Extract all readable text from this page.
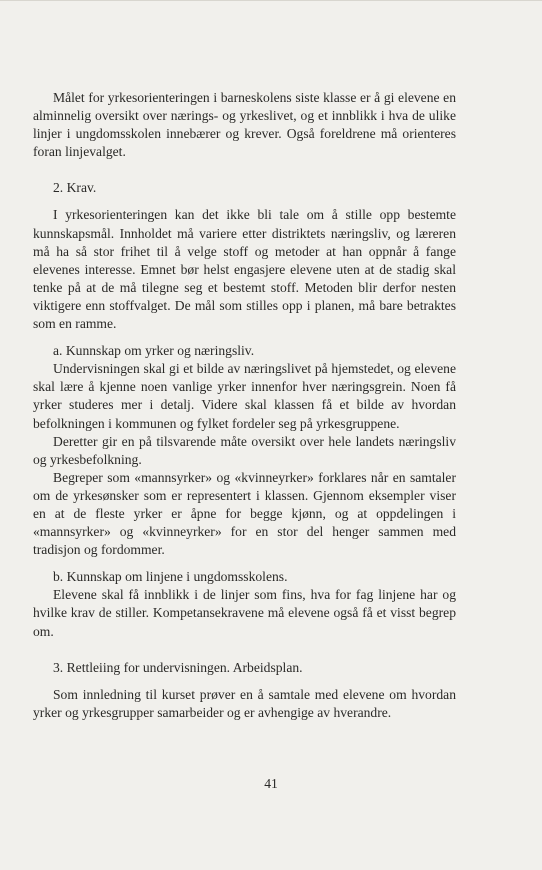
Målet for yrkesorienteringen i barneskolens siste klasse er å gi elevene en alminnelig oversikt over nærings- og yrkeslivet, og et innblikk i hva de ulike linjer i ungdomsskolen innebærer og krever. Også foreldrene må orienteres foran linjevalget.

2. Krav.

I yrkesorienteringen kan det ikke bli tale om å stille opp bestemte kunnskapsmål. Innholdet må variere etter distriktets næringsliv, og læreren må ha så stor frihet til å velge stoff og metoder at han oppnår å fange elevenes interesse. Emnet bør helst engasjere elevene uten at de stadig skal tenke på at de må tilegne seg et bestemt stoff. Metoden blir derfor nesten viktigere enn stoffvalget. De mål som stilles opp i planen, må bare betraktes som en ramme.

a. Kunnskap om yrker og næringsliv.

Undervisningen skal gi et bilde av næringslivet på hjemstedet, og elevene skal lære å kjenne noen vanlige yrker innenfor hver næringsgrein. Noen få yrker studeres mer i detalj. Videre skal klassen få et bilde av hvordan befolkningen i kommunen og fylket fordeler seg på yrkesgruppene.

Deretter gir en på tilsvarende måte oversikt over hele landets næringsliv og yrkesbefolkning.

Begreper som «mannsyrker» og «kvinneyrker» forklares når en samtaler om de yrkesønsker som er representert i klassen. Gjennom eksempler viser en at de fleste yrker er åpne for begge kjønn, og at oppdelingen i «mannsyrker» og «kvinneyrker» for en stor del henger sammen med tradisjon og fordommer.

b. Kunnskap om linjene i ungdomsskolens.

Elevene skal få innblikk i de linjer som fins, hva for fag linjene har og hvilke krav de stiller. Kompetansekravene må elevene også få et visst begrep om.

3. Rettleiing for undervisningen. Arbeidsplan.

Som innledning til kurset prøver en å samtale med elevene om hvordan yrker og yrkesgrupper samarbeider og er avhengige av hverandre.

41
